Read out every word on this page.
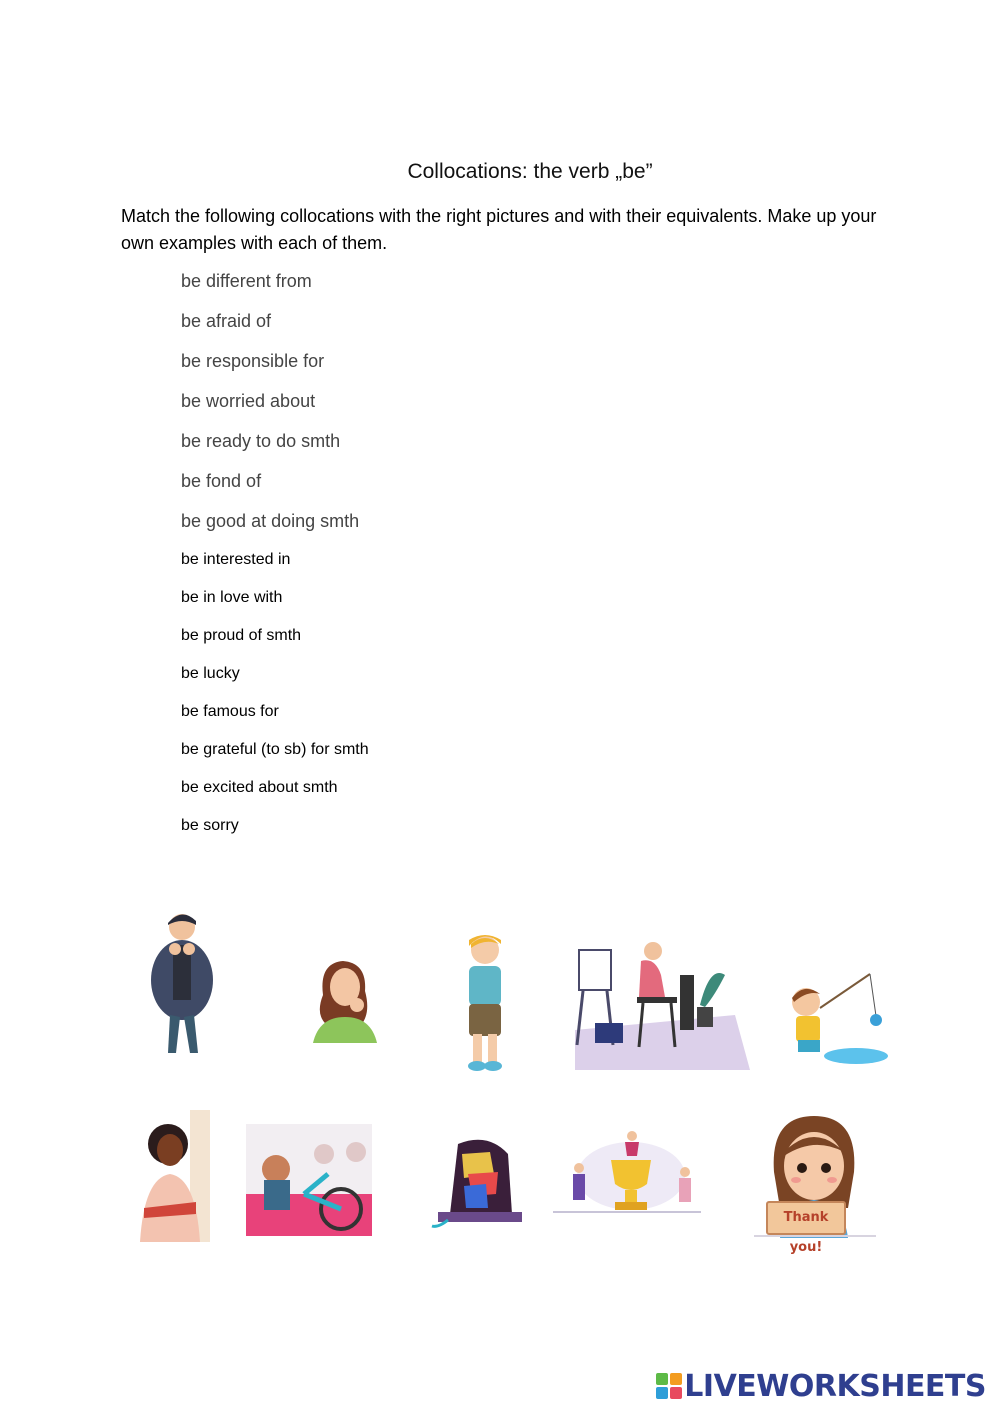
Collocations: the verb „be”
Match the following collocations with the right pictures and with their equivalents. Make up your own examples with each of them.
be different from
be afraid of
be responsible for
be worried about
be ready to do smth
be fond of
be good at doing smth
be interested in
be in love with
be proud of smth
be lucky
be famous for
be grateful (to sb) for smth
be excited about smth
be sorry
Thank you!
LIVEWORKSHEETS
